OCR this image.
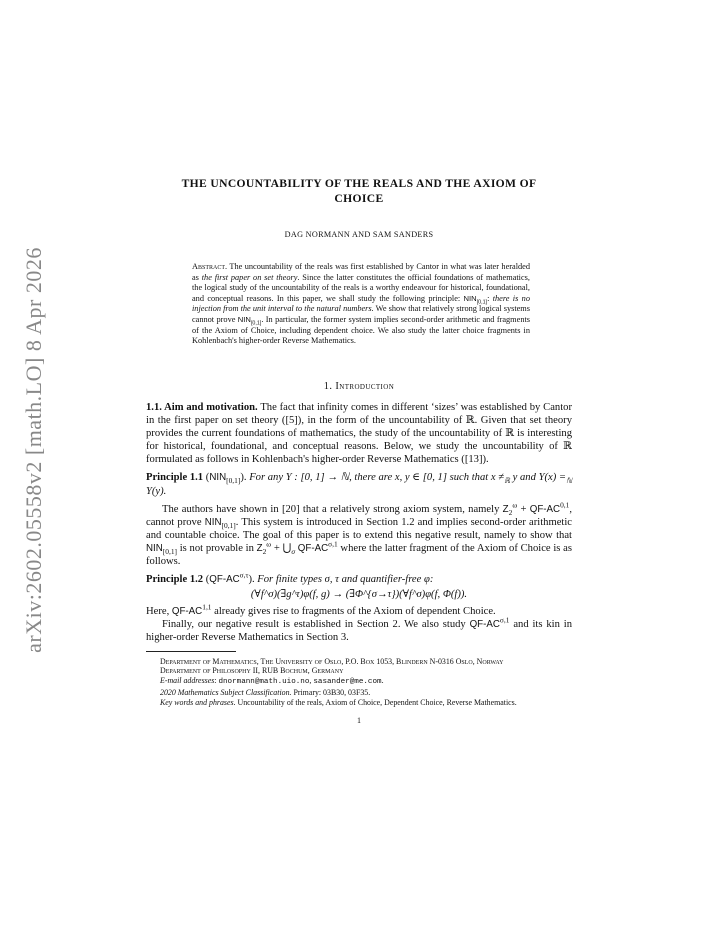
arXiv:2602.05558v2 [math.LO] 8 Apr 2026
THE UNCOUNTABILITY OF THE REALS AND THE AXIOM OF CHOICE
DAG NORMANN AND SAM SANDERS
Abstract. The uncountability of the reals was first established by Cantor in what was later heralded as the first paper on set theory. Since the latter constitutes the official foundations of mathematics, the logical study of the uncountability of the reals is a worthy endeavour for historical, foundational, and conceptual reasons. In this paper, we shall study the following principle: $NIN_{[0,1]}$: there is no injection from the unit interval to the natural numbers. We show that relatively strong logical systems cannot prove $NIN_{[0,1]}$. In particular, the former system implies second-order arithmetic and fragments of the Axiom of Choice, including dependent choice. We also study the latter choice fragments in Kohlenbach's higher-order Reverse Mathematics.
1. Introduction

1.1. Aim and motivation. The fact that infinity comes in different ‘sizes’ was established by Cantor in the first paper on set theory ([5]), in the form of the uncountability of ℝ. Given that set theory provides the current foundations of mathematics, the study of the uncountability of ℝ is interesting for historical, foundational, and conceptual reasons. Below, we study the uncountability of ℝ formulated as follows in Kohlenbach's higher-order Reverse Mathematics ([13]).

Principle 1.1 $(NIN_{[0,1]})$. For any Y : [0, 1] → ℕ, there are x, y ∈ [0, 1] such that $x \ne_ℝ$ y and $Y(x) =_ℕ$ Y(y).

The authors have shown in [20] that a relatively strong axiom system, namely $Z_2^\omega + QF-AC^{0,1}$, cannot prove $NIN_{[0,1]}$. This system is introduced in Section 1.2 and implies second-order arithmetic and countable choice. The goal of this paper is to extend this negative result, namely to show that $NIN_{[0,1]}$ is not provable in $Z_2^\omega$ + $⋃_\sigma$ $QF-AC^{\sigma,1}$ where the latter fragment of the Axiom of Choice is as follows.

Principle 1.2 $(QF-AC^{\sigma,\tau})$. For finite types σ, τ and quantifier-free φ:

(∀f^σ)(∃g^τ)φ(f, g) → (∃Φ^{σ→τ})(∀f^σ)φ(f, Φ(f)).

Here, QF-AC$^{1,1}$ already gives rise to fragments of the Axiom of dependent Choice.

Finally, our negative result is established in Section 2. We also study $QF-AC^{\sigma,1}$ and its kin in higher-order Reverse Mathematics in Section 3.

Department of Mathematics, The University of Oslo, P.O. Box 1053, Blindern N-0316 Oslo, Norway

Department of Philosophy II, RUB Bochum, Germany

E-mail addresses: dnormann@math.uio.no, sasander@me.com.

2020 Mathematics Subject Classification. Primary: 03B30, 03F35.

Key words and phrases. Uncountability of the reals, Axiom of Choice, Dependent Choice, Reverse Mathematics.

1
